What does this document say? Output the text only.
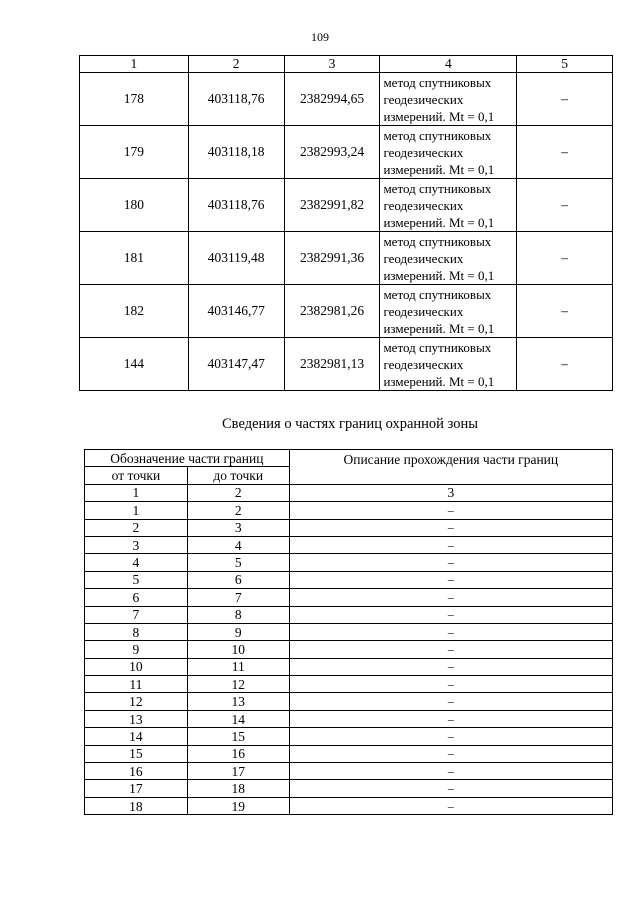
109
1	2	3	4	5
178	403118,76	2382994,65	метод спутниковых
геодезических
измерений. Mt = 0,1	–
179	403118,18	2382993,24	метод спутниковых
геодезических
измерений. Mt = 0,1	–
180	403118,76	2382991,82	метод спутниковых
геодезических
измерений. Mt = 0,1	–
181	403119,48	2382991,36	метод спутниковых
геодезических
измерений. Mt = 0,1	–
182	403146,77	2382981,26	метод спутниковых
геодезических
измерений. Mt = 0,1	–
144	403147,47	2382981,13	метод спутниковых
геодезических
измерений. Mt = 0,1	–
Сведения о частях границ охранной зоны
Обозначение части границ		Описание прохождения части границ
от точки	до точки	
1	2	3
1	2	–
2	3	–
3	4	–
4	5	–
5	6	–
6	7	–
7	8	–
8	9	–
9	10	–
10	11	–
11	12	–
12	13	–
13	14	–
14	15	–
15	16	–
16	17	–
17	18	–
18	19	–
